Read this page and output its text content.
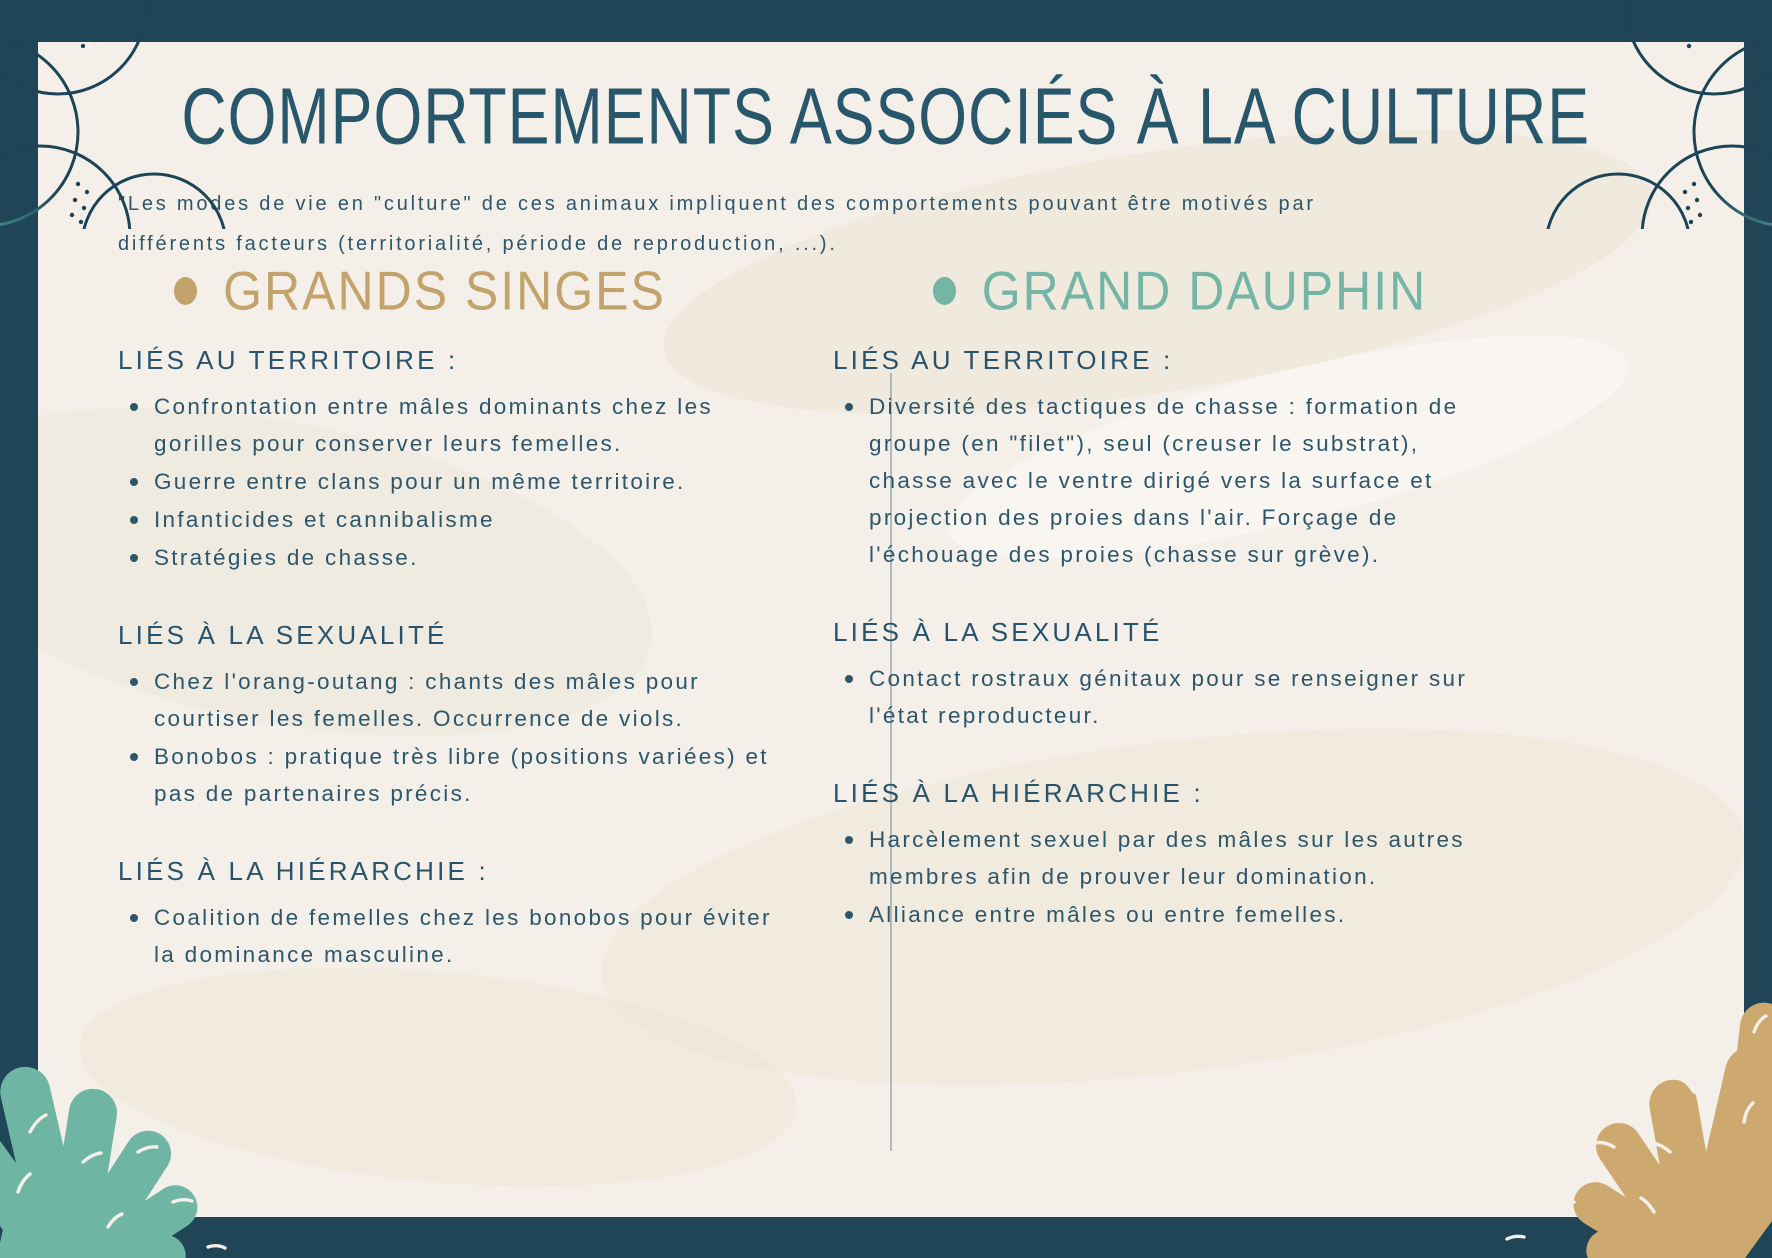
COMPORTEMENTS ASSOCIÉS À LA CULTURE
"Les modes de vie en "culture" de ces animaux impliquent des comportements pouvant être motivés par
différents facteurs (territorialité, période de reproduction, ...).
GRANDS SINGES	GRAND DAUPHIN
LIÉS AU TERRITOIRE :
Confrontation entre mâles dominants chez les gorilles pour conserver leurs femelles.
Guerre entre clans pour un même territoire.
Infanticides et cannibalisme
Stratégies de chasse.
LIÉS À LA SEXUALITÉ
Chez l'orang-outang : chants des mâles pour courtiser les femelles. Occurrence de viols.
Bonobos : pratique très libre (positions variées) et pas de partenaires précis.
LIÉS À LA HIÉRARCHIE :
Coalition de femelles chez les bonobos pour éviter la dominance masculine.
LIÉS AU TERRITOIRE :
Diversité des tactiques de chasse : formation de groupe (en "filet"), seul (creuser le substrat), chasse avec le ventre dirigé vers la surface et projection des proies dans l'air. Forçage de l'échouage des proies (chasse sur grève).
LIÉS À LA SEXUALITÉ
Contact rostraux génitaux pour se renseigner sur l'état reproducteur.
LIÉS À LA HIÉRARCHIE :
Harcèlement sexuel par des mâles sur les autres membres afin de prouver leur domination.
Alliance entre mâles ou entre femelles.
